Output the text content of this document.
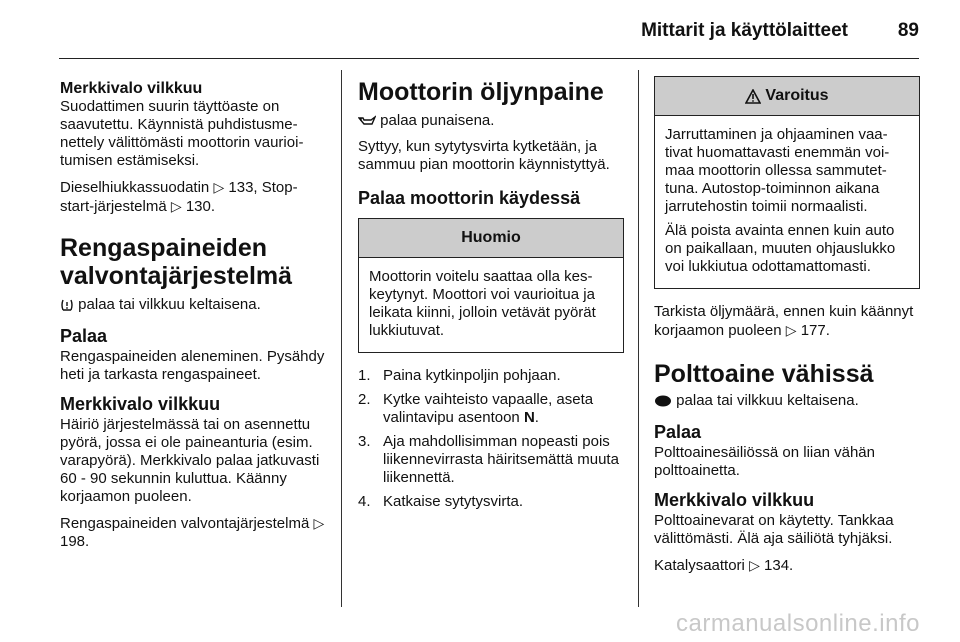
Mittarit ja käyttölaitteet	89
Merkkivalo vilkkuu

Suodattimen suurin täyttöaste on saavutettu. Käynnistä puhdistusmenettely välittömästi moottorin vaurioitumisen estämiseksi.

Dieselhiukkassuodatin ▷ 133, Stop-start-järjestelmä ▷ 130.

Rengaspaineiden valvontajärjestelmä

palaa tai vilkkuu keltaisena.

Palaa

Rengaspaineiden aleneminen. Pysähdy heti ja tarkasta rengaspaineet.

Merkkivalo vilkkuu

Häiriö järjestelmässä tai on asennettu pyörä, jossa ei ole paineanturia (esim. varapyörä). Merkkivalo palaa jatkuvasti 60 - 90 sekunnin kuluttua. Käänny korjaamon puoleen.

Rengaspaineiden valvontajärjestelmä ▷ 198.

Moottorin öljynpaine

palaa punaisena.

Syttyy, kun sytytysvirta kytketään, ja sammuu pian moottorin käynnistyttyä.

Palaa moottorin käydessä
Huomio

Moottorin voitelu saattaa olla keskeytynyt. Moottori voi vaurioitua ja leikata kiinni, jolloin vetävät pyörät lukkiutuvat.

1. Paina kytkinpoljin pohjaan.
2. Kytke vaihteisto vapaalle, aseta valintavipu asentoon N.
3. Aja mahdollisimman nopeasti pois liikennevirrasta häiritsemättä muuta liikennettä.
4. Katkaise sytytysvirta.
Varoitus

Jarruttaminen ja ohjaaminen vaativat huomattavasti enemmän voimaa moottorin ollessa sammutettuna. Autostop-toiminnon aikana jarrutehostin toimii normaalisti.

Älä poista avainta ennen kuin auto on paikallaan, muuten ohjauslukko voi lukkiutua odottamattomasti.

Tarkista öljymäärä, ennen kuin käännyt korjaamon puoleen ▷ 177.

Polttoaine vähissä

palaa tai vilkkuu keltaisena.

Palaa

Polttoainesäiliössä on liian vähän polttoainetta.

Merkkivalo vilkkuu

Polttoainevarat on käytetty. Tankkaa välittömästi. Älä aja säiliötä tyhjäksi.

Katalysaattori ▷ 134.

carmanualsonline.info
